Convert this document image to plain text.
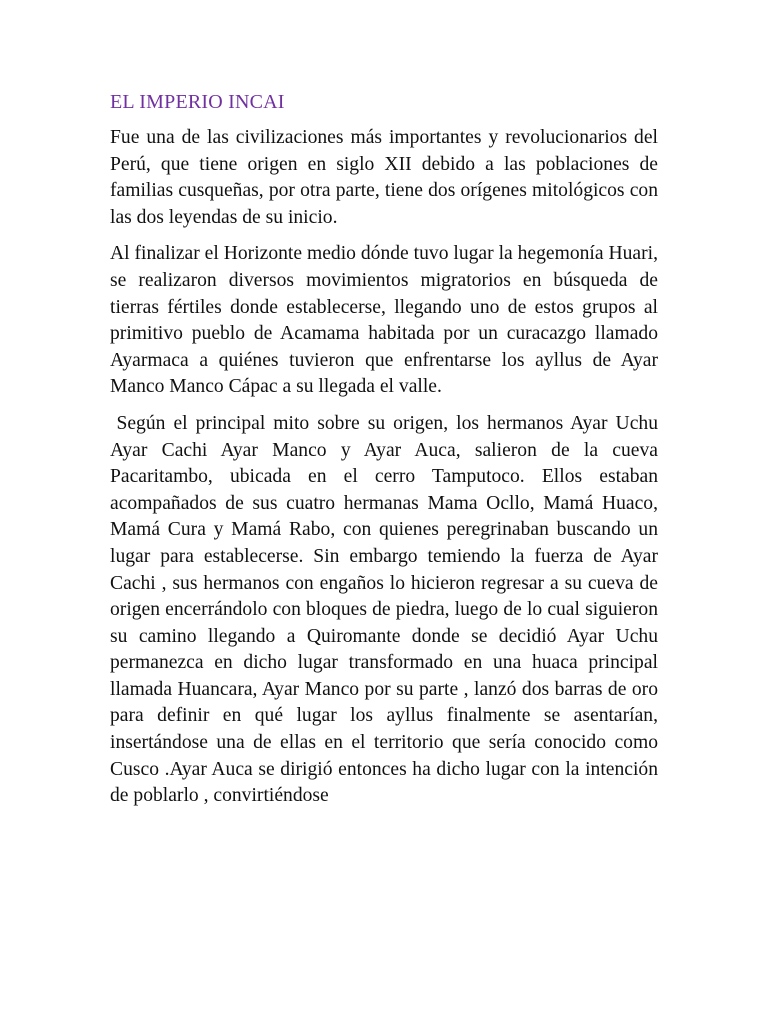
EL IMPERIO INCAI

Fue una de las civilizaciones más importantes y revolucionarios del Perú, que tiene origen en siglo XII debido a las poblaciones de familias cusqueñas, por otra parte, tiene dos orígenes mitológicos con las dos leyendas de su inicio.

Al finalizar el Horizonte medio dónde tuvo lugar la hegemonía Huari, se realizaron diversos movimientos migratorios en búsqueda de tierras fértiles donde establecerse, llegando uno de estos grupos al primitivo pueblo de Acamama habitada por un curacazgo llamado Ayarmaca a quiénes tuvieron que enfrentarse los ayllus de Ayar Manco Manco Cápac a su llegada el valle.

Según el principal mito sobre su origen, los hermanos Ayar Uchu Ayar Cachi Ayar Manco y Ayar Auca, salieron de la cueva Pacaritambo, ubicada en el cerro Tamputoco. Ellos estaban acompañados de sus cuatro hermanas Mama Ocllo, Mamá Huaco, Mamá Cura y Mamá Rabo, con quienes peregrinaban buscando un lugar para establecerse. Sin embargo temiendo la fuerza de Ayar Cachi , sus hermanos con engaños lo hicieron regresar a su cueva de origen encerrándolo con bloques de piedra, luego de lo cual siguieron su camino llegando a Quiromante donde se decidió Ayar Uchu permanezca en dicho lugar transformado en una huaca principal llamada Huancara, Ayar Manco por su parte , lanzó dos barras de oro para definir en qué lugar los ayllus finalmente se asentarían, insertándose una de ellas en el territorio que sería conocido como Cusco .Ayar Auca se dirigió entonces ha dicho lugar con la intención de poblarlo , convirtiéndose
